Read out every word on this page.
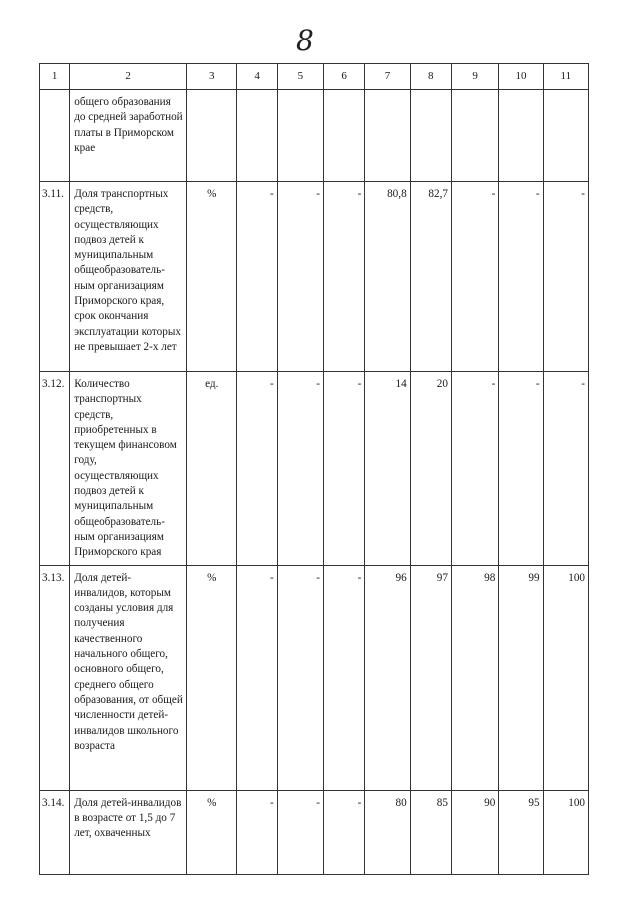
8
1	2	3	4	5	6	7	8	9	10	11

	общего образования до средней заработной платы в Приморском крае									

3.11.	Доля транспортных средств, осуществляющих подвоз детей к муниципальным общеобразователь-ным организациям Приморского края, срок окончания эксплуатации которых не превышает 2-х лет	%	-	-	-	80,8	82,7	-	-	-

3.12.	Количество транспортных средств, приобретенных в текущем финансовом году, осуществляющих подвоз детей к муниципальным общеобразователь-ным организациям Приморского края	ед.	-	-	-	14	20	-	-	-

3.13.	Доля детей-инвалидов, которым созданы условия для получения качественного начального общего, основного общего, среднего общего образования, от общей численности детей-инвалидов школьного возраста	%	-	-	-	96	97	98	99	100

3.14.	Доля детей-инвалидов в возрасте от 1,5 до 7 лет, охваченных	%	-	-	-	80	85	90	95	100
